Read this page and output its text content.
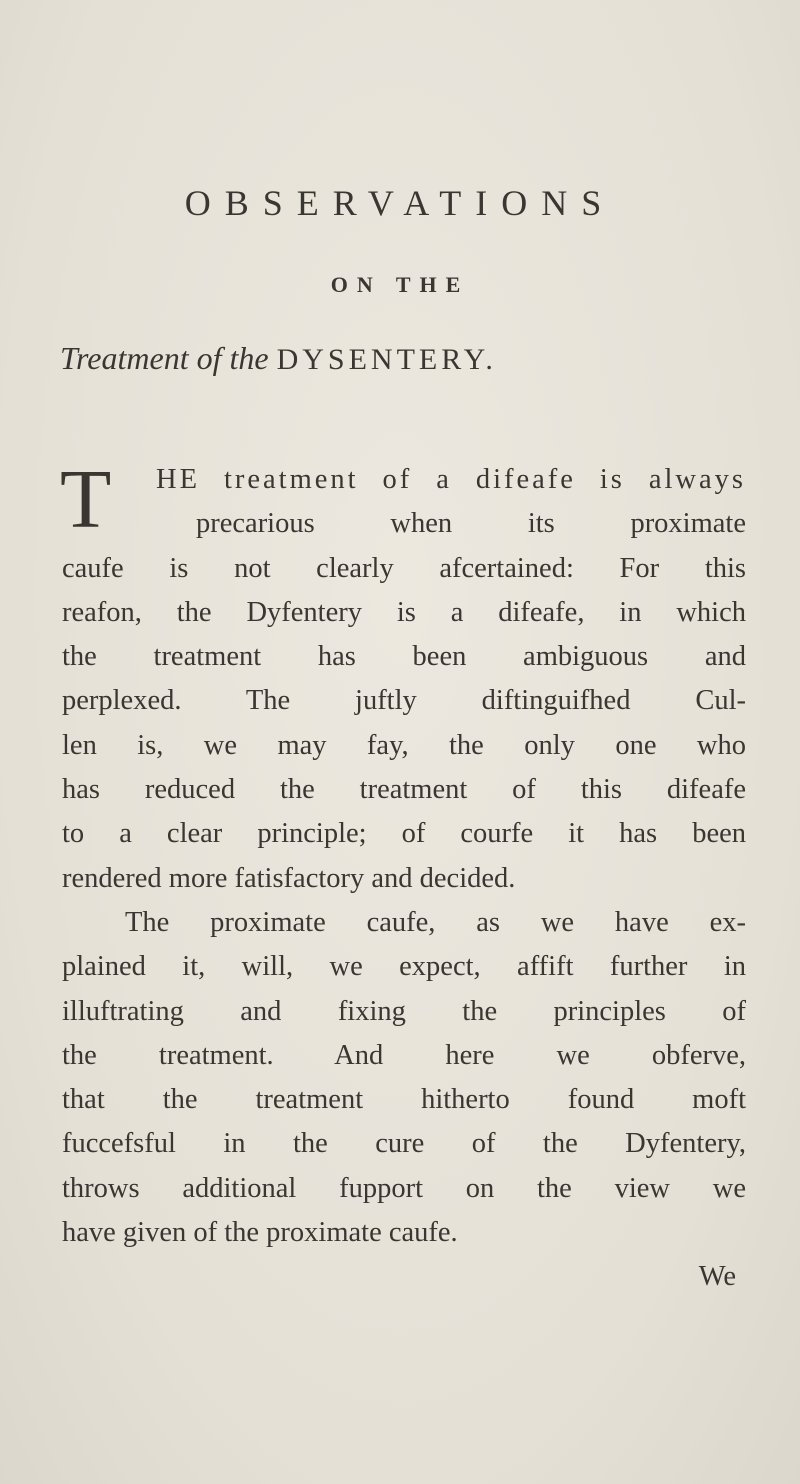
OBSERVATIONS
ON THE
Treatment of the DYSENTERY.
T HE treatment of a difeafe is always
precarious when its proximate
caufe is not clearly afcertained: For this
reafon, the Dyfentery is a difeafe, in which
the treatment has been ambiguous and
perplexed. The juftly diftinguifhed Cul-
len is, we may fay, the only one who
has reduced the treatment of this difeafe
to a clear principle; of courfe it has been
rendered more fatisfactory and decided.
The proximate caufe, as we have ex-
plained it, will, we expect, affift further in
illuftrating and fixing the principles of
the treatment. And here we obferve,
that the treatment hitherto found moft
fuccefsful in the cure of the Dyfentery,
throws additional fupport on the view we
have given of the proximate caufe.
We
